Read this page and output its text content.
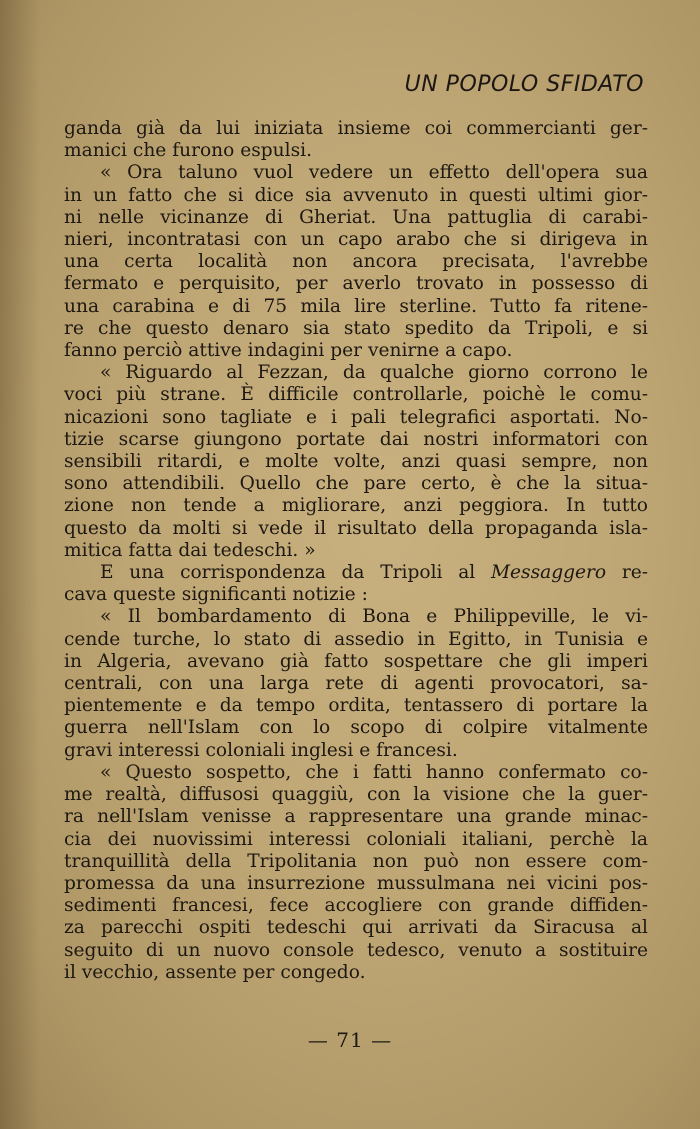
UN POPOLO SFIDATO

ganda già da lui iniziata insieme coi commercianti ger-
manici che furono espulsi.

« Ora taluno vuol vedere un effetto dell'opera sua
in un fatto che si dice sia avvenuto in questi ultimi gior-
ni nelle vicinanze di Gheriat. Una pattuglia di carabi-
nieri, incontratasi con un capo arabo che si dirigeva in
una certa località non ancora precisata, l'avrebbe
fermato e perquisito, per averlo trovato in possesso di
una carabina e di 75 mila lire sterline. Tutto fa ritene-
re che questo denaro sia stato spedito da Tripoli, e si
fanno perciò attive indagini per venirne a capo.

« Riguardo al Fezzan, da qualche giorno corrono le
voci più strane. È difficile controllarle, poichè le comu-
nicazioni sono tagliate e i pali telegrafici asportati. No-
tizie scarse giungono portate dai nostri informatori con
sensibili ritardi, e molte volte, anzi quasi sempre, non
sono attendibili. Quello che pare certo, è che la situa-
zione non tende a migliorare, anzi peggiora. In tutto
questo da molti si vede il risultato della propaganda isla-
mitica fatta dai tedeschi. »

E una corrispondenza da Tripoli al Messaggero re-
cava queste significanti notizie :

« Il bombardamento di Bona e Philippeville, le vi-
cende turche, lo stato di assedio in Egitto, in Tunisia e
in Algeria, avevano già fatto sospettare che gli imperi
centrali, con una larga rete di agenti provocatori, sa-
pientemente e da tempo ordita, tentassero di portare la
guerra nell'Islam con lo scopo di colpire vitalmente
gravi interessi coloniali inglesi e francesi.

« Questo sospetto, che i fatti hanno confermato co-
me realtà, diffusosi quaggiù, con la visione che la guer-
ra nell'Islam venisse a rappresentare una grande minac-
cia dei nuovissimi interessi coloniali italiani, perchè la
tranquillità della Tripolitania non può non essere com-
promessa da una insurrezione mussulmana nei vicini pos-
sedimenti francesi, fece accogliere con grande diffiden-
za parecchi ospiti tedeschi qui arrivati da Siracusa al
seguito di un nuovo console tedesco, venuto a sostituire
il vecchio, assente per congedo.

— 71 —
